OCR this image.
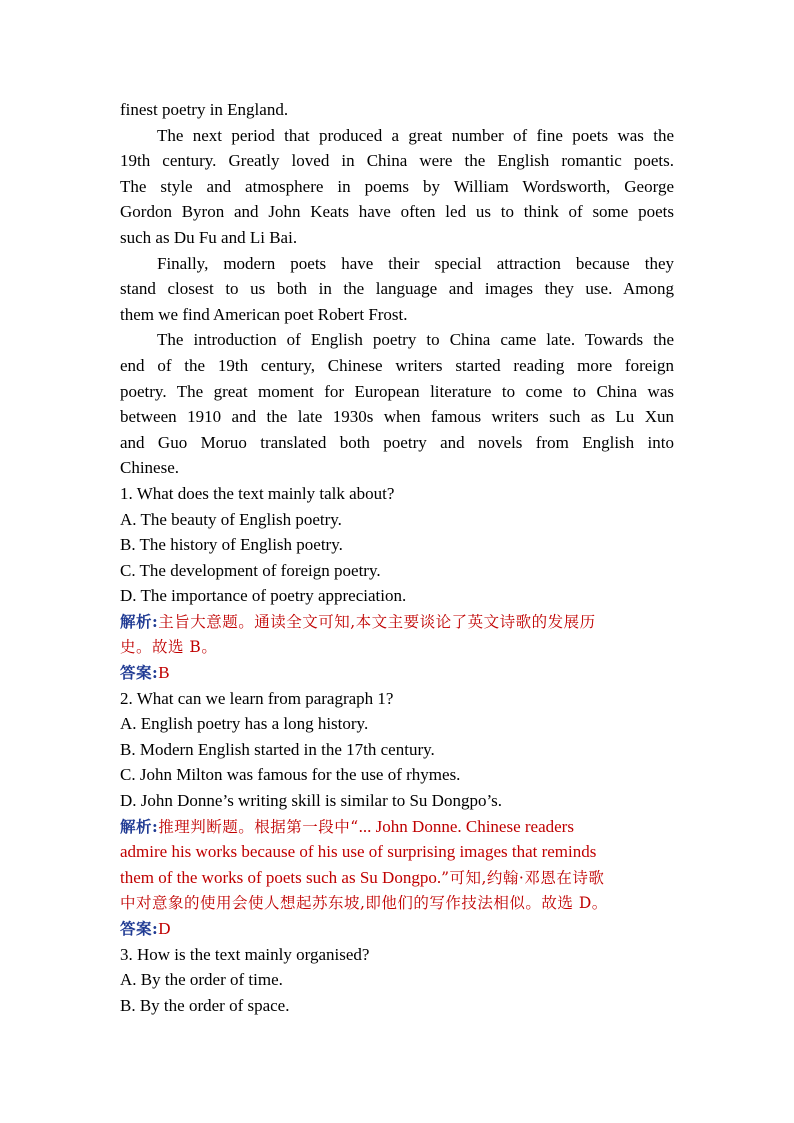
finest poetry in England.
The next period that produced a great number of fine poets was the
19th century. Greatly loved in China were the English romantic poets.
The style and atmosphere in poems by William Wordsworth, George
Gordon Byron and John Keats have often led us to think of some poets
such as Du Fu and Li Bai.
Finally, modern poets have their special attraction because they
stand closest to us both in the language and images they use. Among
them we find American poet Robert Frost.
The introduction of English poetry to China came late. Towards the
end of the 19th century, Chinese writers started reading more foreign
poetry. The great moment for European literature to come to China was
between 1910 and the late 1930s when famous writers such as Lu Xun
and Guo Moruo translated both poetry and novels from English into
Chinese.
1. What does the text mainly talk about?
A. The beauty of English poetry.
B. The history of English poetry.
C. The development of foreign poetry.
D. The importance of poetry appreciation.
解析:主旨大意题。通读全文可知,本文主要谈论了英文诗歌的发展历
史。故选 B。
答案:B
2. What can we learn from paragraph 1?
A. English poetry has a long history.
B. Modern English started in the 17th century.
C. John Milton was famous for the use of rhymes.
D. John Donne’s writing skill is similar to Su Dongpo’s.
解析:推理判断题。根据第一段中“... John Donne. Chinese readers
admire his works because of his use of surprising images that reminds
them of the works of poets such as Su Dongpo.”可知,约翰·邓恩在诗歌
中对意象的使用会使人想起苏东坡,即他们的写作技法相似。故选 D。
答案:D
3. How is the text mainly organised?
A. By the order of time.
B. By the order of space.
